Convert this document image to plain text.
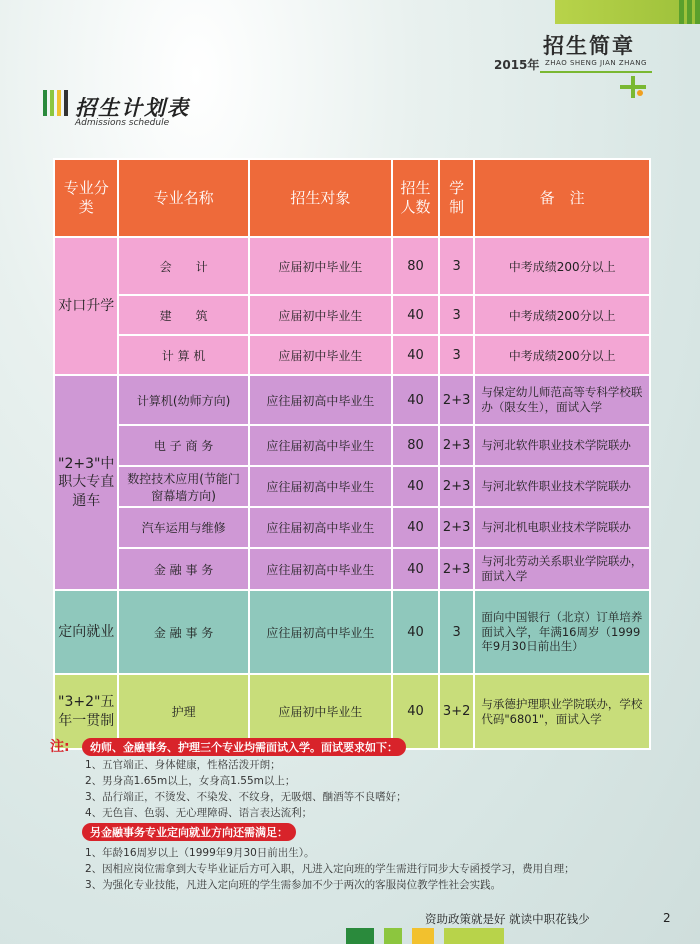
招生简章
2015年 ZHAO SHENG JIAN ZHANG
招生计划表
Admissions schedule
专业分类	专业名称	招生对象	招生人数	学制	备　注
对口升学	会　　计	应届初中毕业生	80	3	中考成绩200分以上
	建　　筑	应届初中毕业生	40	3	中考成绩200分以上
	计 算 机	应届初中毕业生	40	3	中考成绩200分以上
"2+3"中职大专直通车	计算机(幼师方向)	应往届初高中毕业生	40	2+3	与保定幼儿师范高等专科学校联办（限女生），面试入学
	电 子 商 务	应往届初高中毕业生	80	2+3	与河北软件职业技术学院联办
	数控技术应用(节能门窗幕墙方向)	应往届初高中毕业生	40	2+3	与河北软件职业技术学院联办
	汽车运用与维修	应往届初高中毕业生	40	2+3	与河北机电职业技术学院联办
	金 融 事 务	应往届初高中毕业生	40	2+3	与河北劳动关系职业学院联办，面试入学
定向就业	金 融 事 务	应往届初高中毕业生	40	3	面向中国银行（北京）订单培养面试入学，年满16周岁（1999年9月30日前出生）
"3+2"五年一贯制	护理	应届初中毕业生	40	3+2	与承德护理职业学院联办，学校代码"6801"，面试入学
注:	幼师、金融事务、护理三个专业均需面试入学。面试要求如下：
1、五官端正、身体健康，性格活泼开朗；
2、男身高1.65m以上，女身高1.55m以上；
3、品行端正，不烫发、不染发、不纹身，无吸烟、酗酒等不良嗜好；
4、无色盲、色弱、无心理障碍、语言表达流利；
另金融事务专业定向就业方向还需满足：
1、年龄16周岁以上（1999年9月30日前出生）。
2、因相应岗位需拿到大专毕业证后方可入职，凡进入定向班的学生需进行同步大专函授学习，费用自理；
3、为强化专业技能，凡进入定向班的学生需参加不少于两次的客服岗位教学性社会实践。
资助政策就是好 就读中职花钱少	2
